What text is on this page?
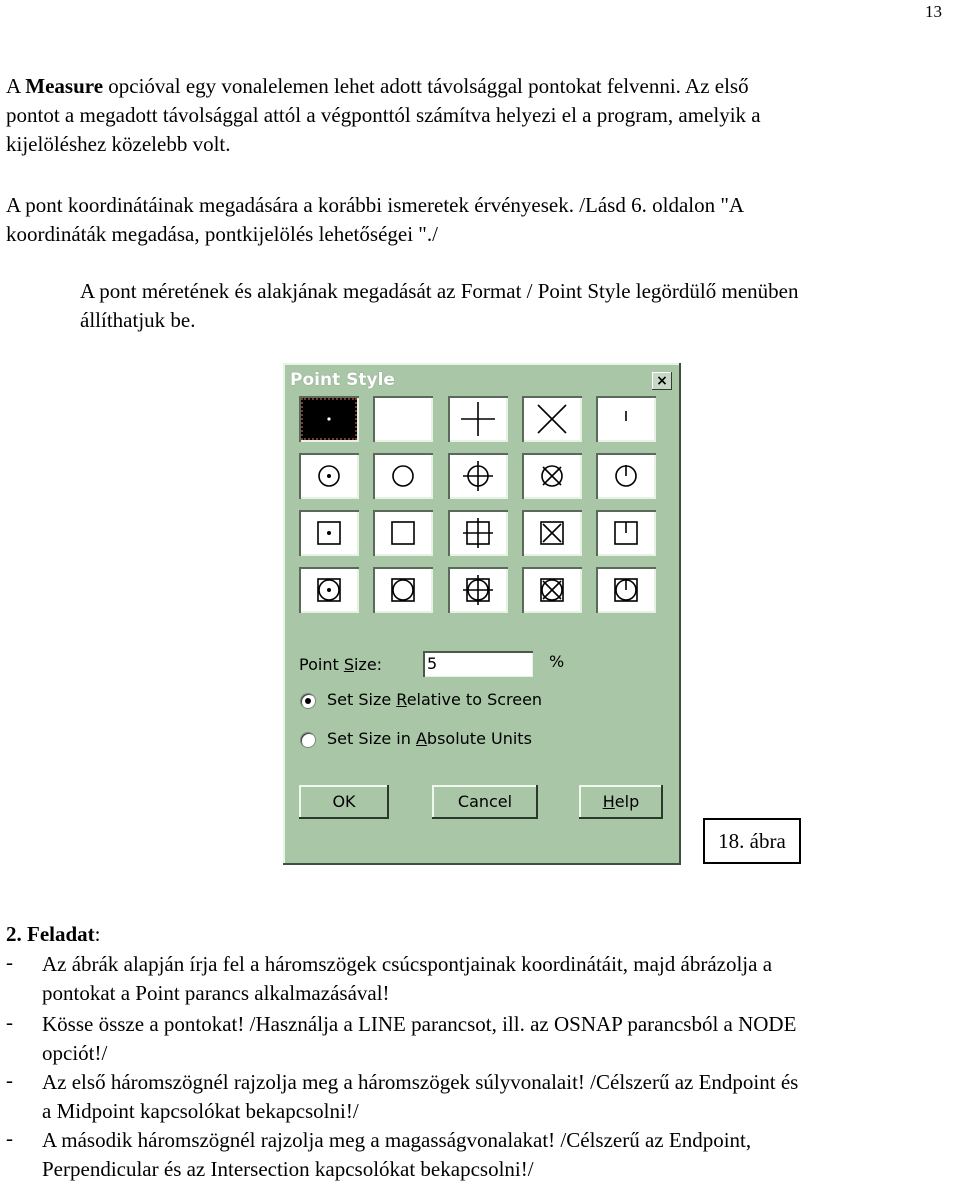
13
A Measure opcióval egy vonalelemen lehet adott távolsággal pontokat felvenni. Az első
pontot a megadott távolsággal attól a végponttól számítva helyezi el a program, amelyik a
kijelöléshez közelebb volt.
A pont koordinátáinak megadására a korábbi ismeretek érvényesek. /Lásd 6. oldalon "A
koordináták megadása, pontkijelölés lehetőségei "./
A pont méretének és alakjának megadását az Format / Point Style legördülő menüben
állíthatjuk be.
Point Style	×
Point Size:	5	%
Set Size Relative to Screen
Set Size in Absolute Units
OK	Cancel	Help
18. ábra
2. Feladat:
- Az ábrák alapján írja fel a háromszögek csúcspontjainak koordinátáit, majd ábrázolja a
pontokat a Point parancs alkalmazásával!
- Kösse össze a pontokat! /Használja a LINE parancsot, ill. az OSNAP parancsból a NODE
opciót!/
- Az első háromszögnél rajzolja meg a háromszögek súlyvonalait! /Célszerű az Endpoint és
a Midpoint kapcsolókat bekapcsolni!/
- A második háromszögnél rajzolja meg a magasságvonalakat! /Célszerű az Endpoint,
Perpendicular és az Intersection kapcsolókat bekapcsolni!/
